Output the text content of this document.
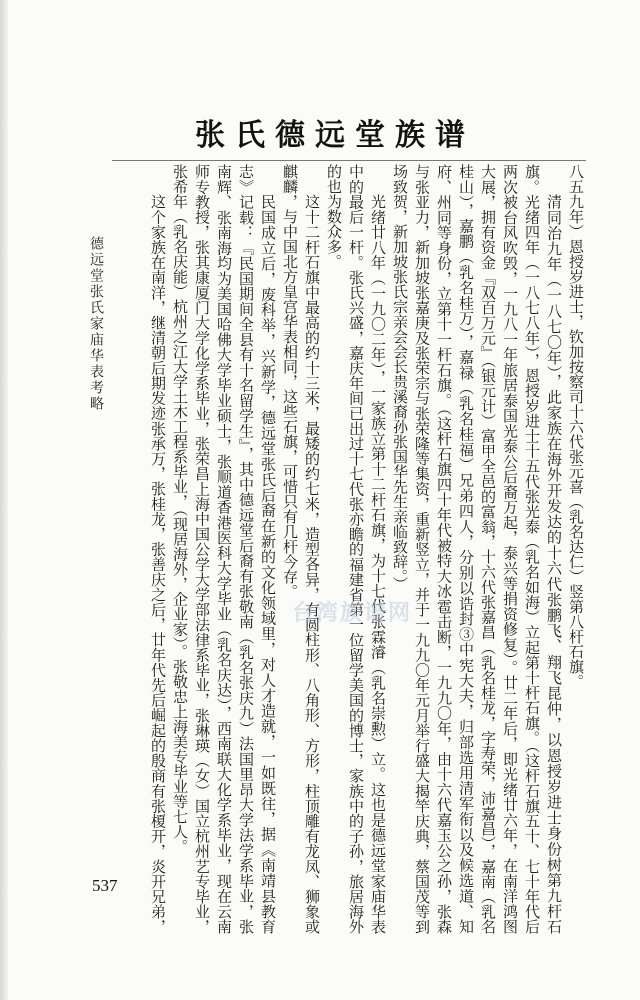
张氏德远堂族谱

八五九年）恩授岁进士，钦加按察司十六代张元喜（乳名达仁）竖第八杆石旗。

清同治九年（一八七〇年），此家族在海外开发达的十六代张鹏飞、翔飞昆仲，以恩授岁进士身份树第九杆石旗。光绪四年（一八七八年），恩授岁进士十五代张光泰（乳名如海）立起第十杆石旗。（这杆石旗五十、七十年代后两次被台风吹毁，一九八一年旅居泰国光泰公后裔万起，泰兴等捐资修复）。廿二年后，即光绪廿六年，在南洋鸿图大展，拥有资金『双百万元』（银元计）富甲全邑的富翁，十六代张嘉昌（乳名桂龙，字寿荣，沛嘉昌），嘉南（乳名桂山），嘉鹏（乳名桂万），嘉禄（乳名桂福）兄弟四人，分别以诰封③中宪大夫，归部选用清军衔以及候选道、知府、州同等身份，立第十一杆石旗。（这杆石旗四十年代被特大冰雹击断，一九九〇年，由十六代嘉玉公之孙，张森与张亚力，新加坡张嘉庚及张荣宗与张荣隆等集资，重新竖立，并于一九九〇年元月举行盛大揭竿庆典，蔡国茂等到场致贺，新加坡张氏宗亲会会长贵溪裔孙张国华先生亲临致辞。）

光绪廿八年（一九〇二年），一家族立第十二杆石旗，为十七代张霖濬（乳名崇勲）立。这也是德远堂家庙华表中的最后一杆。张氏兴盛，嘉庆年间已出过十七代张亦瞻的福建省第一位留学美国的博士，家族中的子孙，旅居海外的也为数众多。

这十二杆石旗中最高的约十三米，最矮的约七米，造型各异，有圆柱形、八角形、方形，柱顶雕有龙凤、狮象或麒麟，与中国北方皇宫华表相同，这些石旗，可惜只有几杆今存。

民国成立后，废科举，兴新学，德远堂张氏后裔在新的文化领域里，对人才造就，一如既往，据《南靖县教育志》记载：『民国期间全县有十名留学生』，其中德远堂后裔有张敬南（乳名张庆九）法国里昂大学法学系毕业，张南辉、张南海均为美国哈佛大学毕业硕士，张顺道香港医科大学毕业（乳名庆达），西南联大化学系毕业，现在云南师专教授，张其康厦门大学化学系毕业，张荣昌上海中国公学大学部法律系毕业，张琳瑛（女）国立杭州艺专毕业，张希年（乳名庆能）杭州之江大学土木工程系毕业，（现居海外，企业家）。张敬忠上海美专毕业等七人。

这个家族在南洋，继清朝后期发迹张承万，张桂龙，张善庆之后，廿年代先后崛起的殷商有张榎开，炎开兄弟，

德远堂张氏家庙华表考略
537
台湾族谱网
